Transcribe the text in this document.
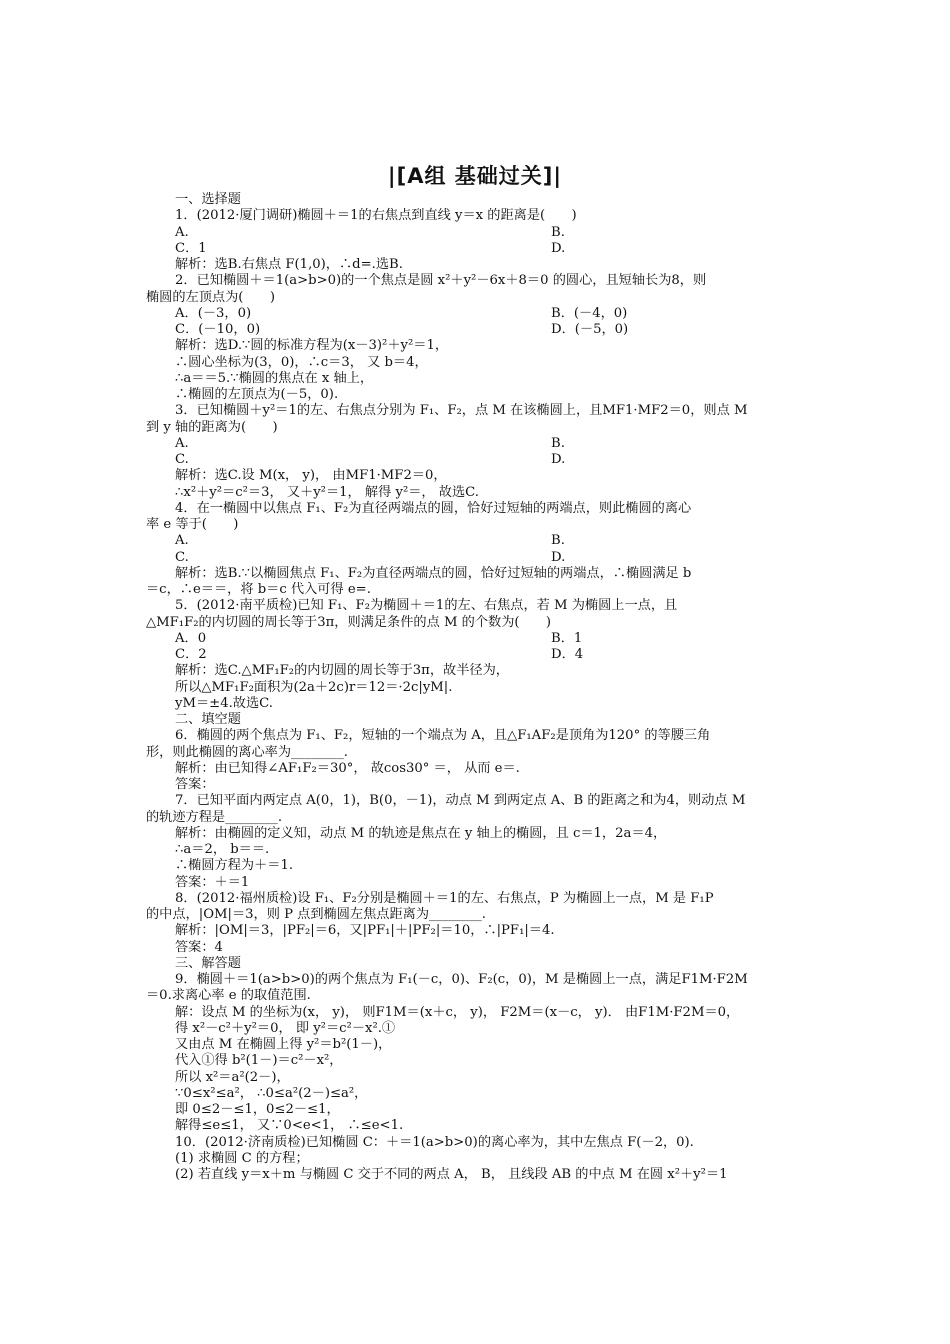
|[A组 基础过关]|
一、选择题
1．(2012·厦门调研)椭圆＋＝1的右焦点到直线 y＝x 的距离是(　　)
A.	B.
C．1	D.
解析：选B.右焦点 F(1,0)，∴d=.选B.
2．已知椭圆＋＝1(a>b>0)的一个焦点是圆 x²＋y²－6x＋8＝0 的圆心，且短轴长为8，则
椭圆的左顶点为(　　)
A．(－3，0)	B．(－4，0)
C．(－10，0)	D．(－5，0)
解析：选D.∵圆的标准方程为(x－3)²＋y²＝1，
∴圆心坐标为(3，0)，∴c＝3， 又 b＝4，
∴a＝＝5.∵椭圆的焦点在 x 轴上，
∴椭圆的左顶点为(－5，0).
3．已知椭圆＋y²＝1的左、右焦点分别为 F₁、F₂，点 M 在该椭圆上，且MF1·MF2＝0，则点 M
到 y 轴的距离为(　　)
A.	B.
C.	D.
解析：选C.设 M(x， y)， 由MF1·MF2＝0，
∴x²＋y²＝c²＝3， 又＋y²＝1， 解得 y²＝， 故选C.
4．在一椭圆中以焦点 F₁、F₂为直径两端点的圆，恰好过短轴的两端点，则此椭圆的离心
率 e 等于(　　)
A.	B.
C.	D.
解析：选B.∵以椭圆焦点 F₁、F₂为直径两端点的圆，恰好过短轴的两端点，∴椭圆满足 b
＝c，∴e＝＝，将 b＝c 代入可得 e=.
5．(2012·南平质检)已知 F₁、F₂为椭圆＋＝1的左、右焦点，若 M 为椭圆上一点，且
△MF₁F₂的内切圆的周长等于3π，则满足条件的点 M 的个数为(　　)
A．0	B．1
C．2	D．4
解析：选C.△MF₁F₂的内切圆的周长等于3π，故半径为，
所以△MF₁F₂面积为(2a＋2c)r＝12＝·2c|yM|.
yM＝±4.故选C.
二、填空题
6．椭圆的两个焦点为 F₁、F₂，短轴的一个端点为 A，且△F₁AF₂是顶角为120° 的等腰三角
形，则此椭圆的离心率为________.
解析：由已知得∠AF₁F₂＝30°， 故cos30° ＝， 从而 e＝.
答案：
7．已知平面内两定点 A(0，1)，B(0，－1)，动点 M 到两定点 A、B 的距离之和为4，则动点 M
的轨迹方程是________.
解析：由椭圆的定义知，动点 M 的轨迹是焦点在 y 轴上的椭圆，且 c＝1，2a＝4，
∴a＝2， b＝＝.
∴椭圆方程为＋＝1.
答案：＋＝1
8．(2012·福州质检)设 F₁、F₂分别是椭圆＋＝1的左、右焦点，P 为椭圆上一点，M 是 F₁P
的中点，|OM|＝3，则 P 点到椭圆左焦点距离为________.
解析：|OM|＝3，|PF₂|＝6，又|PF₁|＋|PF₂|＝10，∴|PF₁|＝4.
答案：4
三、解答题
9．椭圆＋＝1(a>b>0)的两个焦点为 F₁(－c，0)、F₂(c，0)，M 是椭圆上一点，满足F1M·F2M
＝0.求离心率 e 的取值范围.
解：设点 M 的坐标为(x， y)， 则F1M＝(x＋c， y)， F2M＝(x－c， y)． 由F1M·F2M＝0，
得 x²－c²＋y²＝0， 即 y²＝c²－x².①
又由点 M 在椭圆上得 y²＝b²(1－)，
代入①得 b²(1－)＝c²－x²，
所以 x²＝a²(2－)，
∵0≤x²≤a²， ∴0≤a²(2－)≤a²，
即 0≤2－≤1，0≤2－≤1，
解得≤e≤1， 又∵0<e<1， ∴≤e<1.
10．(2012·济南质检)已知椭圆 C：＋＝1(a>b>0)的离心率为，其中左焦点 F(－2，0).
(1) 求椭圆 C 的方程；
(2) 若直线 y＝x＋m 与椭圆 C 交于不同的两点 A， B， 且线段 AB 的中点 M 在圆 x²＋y²＝1
